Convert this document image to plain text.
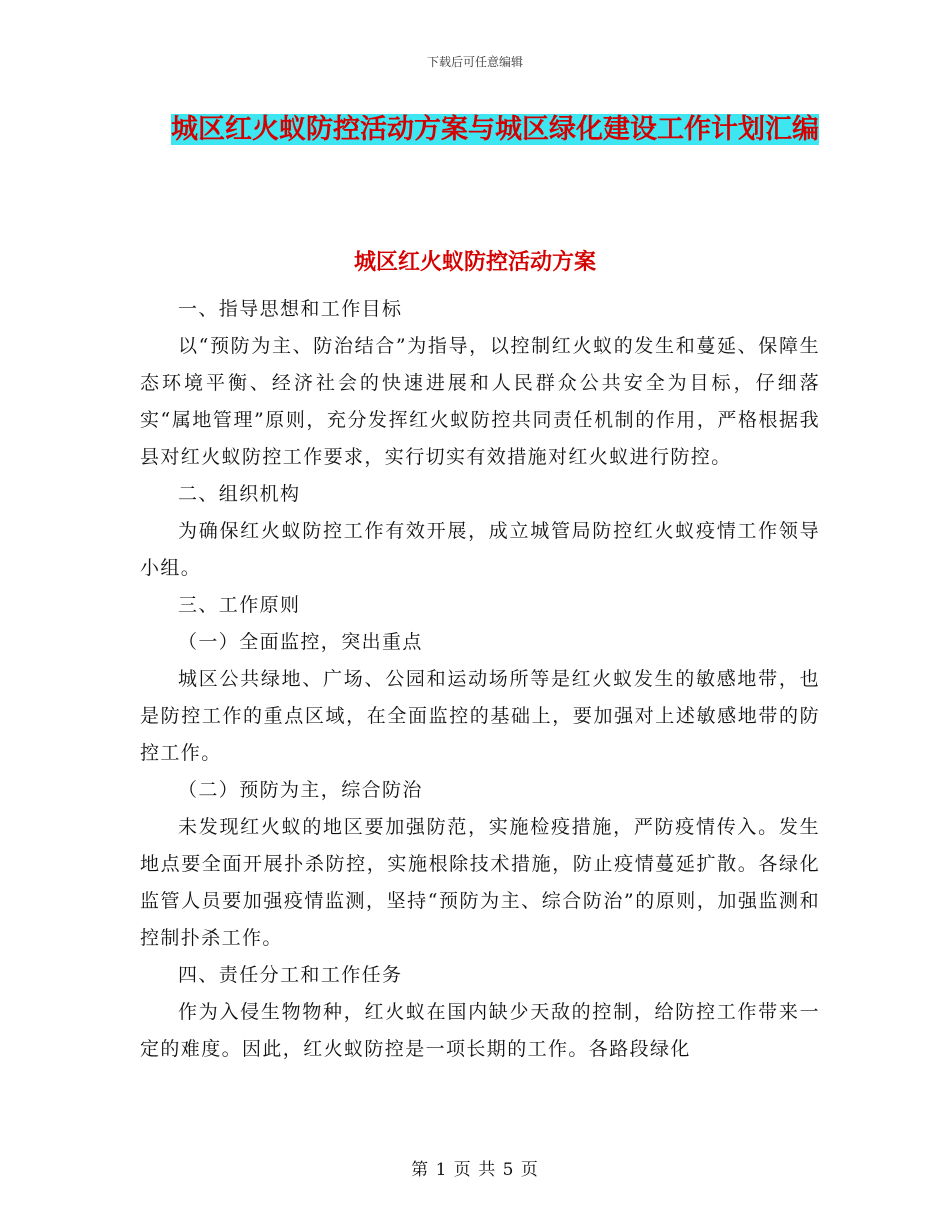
下载后可任意编辑
城区红火蚁防控活动方案与城区绿化建设工作计划汇编
城区红火蚁防控活动方案

一、指导思想和工作目标

以“预防为主、防治结合”为指导，以控制红火蚁的发生和蔓延、保障生态环境平衡、经济社会的快速进展和人民群众公共安全为目标，仔细落实“属地管理”原则，充分发挥红火蚁防控共同责任机制的作用，严格根据我县对红火蚁防控工作要求，实行切实有效措施对红火蚁进行防控。

二、组织机构

为确保红火蚁防控工作有效开展，成立城管局防控红火蚁疫情工作领导小组。

三、工作原则

（一）全面监控，突出重点

城区公共绿地、广场、公园和运动场所等是红火蚁发生的敏感地带，也是防控工作的重点区域，在全面监控的基础上，要加强对上述敏感地带的防控工作。

（二）预防为主，综合防治

未发现红火蚁的地区要加强防范，实施检疫措施，严防疫情传入。发生地点要全面开展扑杀防控，实施根除技术措施，防止疫情蔓延扩散。各绿化监管人员要加强疫情监测，坚持“预防为主、综合防治”的原则，加强监测和控制扑杀工作。

四、责任分工和工作任务

作为入侵生物物种，红火蚁在国内缺少天敌的控制，给防控工作带来一定的难度。因此，红火蚁防控是一项长期的工作。各路段绿化

第 1 页 共 5 页
